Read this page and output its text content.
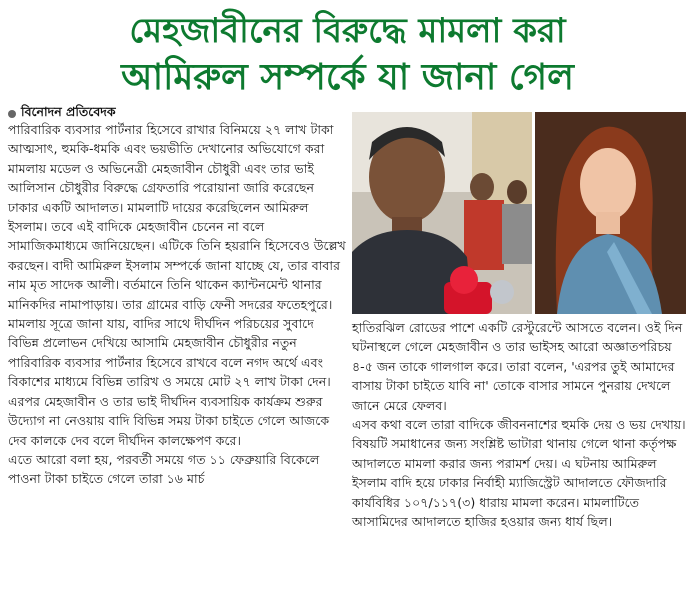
মেহজাবীনের বিরুদ্ধে মামলা করা
আমিরুল সম্পর্কে যা জানা গেল
বিনোদন প্রতিবেদক

পারিবারিক ব্যবসার পার্টনার হিসেবে রাখার বিনিময়ে ২৭ লাখ টাকা আত্মসাৎ, হুমকি-ধমকি এবং ভয়ভীতি দেখানোর অভিযোগে করা মামলায় মডেল ও অভিনেত্রী মেহজাবীন চৌধুরী এবং তার ভাই আলিসান চৌধুরীর বিরুদ্ধে গ্রেফতারি পরোয়ানা জারি করেছেন ঢাকার একটি আদালত। মামলাটি দায়ের করেছিলেন আমিরুল ইসলাম। তবে এই বাদিকে মেহজাবীন চেনেন না বলে সামাজিকমাধ্যমে জানিয়েছেন। এটিকে তিনি হয়রানি হিসেবেও উল্লেখ করছেন। বাদী আমিরুল ইসলাম সম্পর্কে জানা যাচ্ছে যে, তার বাবার নাম মৃত সাদেক আলী। বর্তমানে তিনি থাকেন ক্যান্টনমেন্ট থানার মানিকদির নামাপাড়ায়। তার গ্রামের বাড়ি ফেনী সদরের ফতেহপুরে।

মামলায় সূত্রে জানা যায়, বাদির সাথে দীর্ঘদিন পরিচয়ের সুবাদে বিভিন্ন প্রলোভন দেখিয়ে আসামি মেহজাবীন চৌধুরীর নতুন পারিবারিক ব্যবসার পার্টনার হিসেবে রাখবে বলে নগদ অর্থে এবং বিকাশের মাধ্যমে বিভিন্ন তারিখ ও সময়ে মোট ২৭ লাখ টাকা দেন।

এরপর মেহজাবীন ও তার ভাই দীর্ঘদিন ব্যবসায়িক কার্যক্রম শুরুর উদ্যোগ না নেওয়ায় বাদি বিভিন্ন সময় টাকা চাইতে গেলে আজকে দেব কালকে দেব বলে দীর্ঘদিন কালক্ষেপণ করে।

এতে আরো বলা হয়, পরবর্তী সময়ে গত ১১ ফেব্রুয়ারি বিকেলে পাওনা টাকা চাইতে গেলে তারা ১৬ মার্চ

হাতিরঝিল রোডের পাশে একটি রেস্টুরেন্টে আসতে বলেন। ওই দিন ঘটনাস্থলে গেলে মেহজাবীন ও তার ভাইসহ আরো অজ্ঞাতপরিচয় ৪-৫ জন তাকে গালগাল করে। তারা বলেন, 'এরপর তুই আমাদের বাসায় টাকা চাইতে যাবি না' তোকে বাসার সামনে পুনরায় দেখলে জানে মেরে ফেলব।

এসব কথা বলে তারা বাদিকে জীবননাশের হুমকি দেয় ও ভয় দেখায়। বিষয়টি সমাধানের জন্য সংশ্লিষ্ট ভাটারা থানায় গেলে থানা কর্তৃপক্ষ আদালতে মামলা করার জন্য পরামর্শ দেয়। এ ঘটনায় আমিরুল ইসলাম বাদি হয়ে ঢাকার নির্বাহী ম্যাজিস্ট্রেট আদালতে ফৌজদারি কার্যবিধির ১০৭/১১৭(৩) ধারায় মামলা করেন। মামলাটিতে আসামিদের আদালতে হাজির হওয়ার জন্য ধার্য ছিল।
